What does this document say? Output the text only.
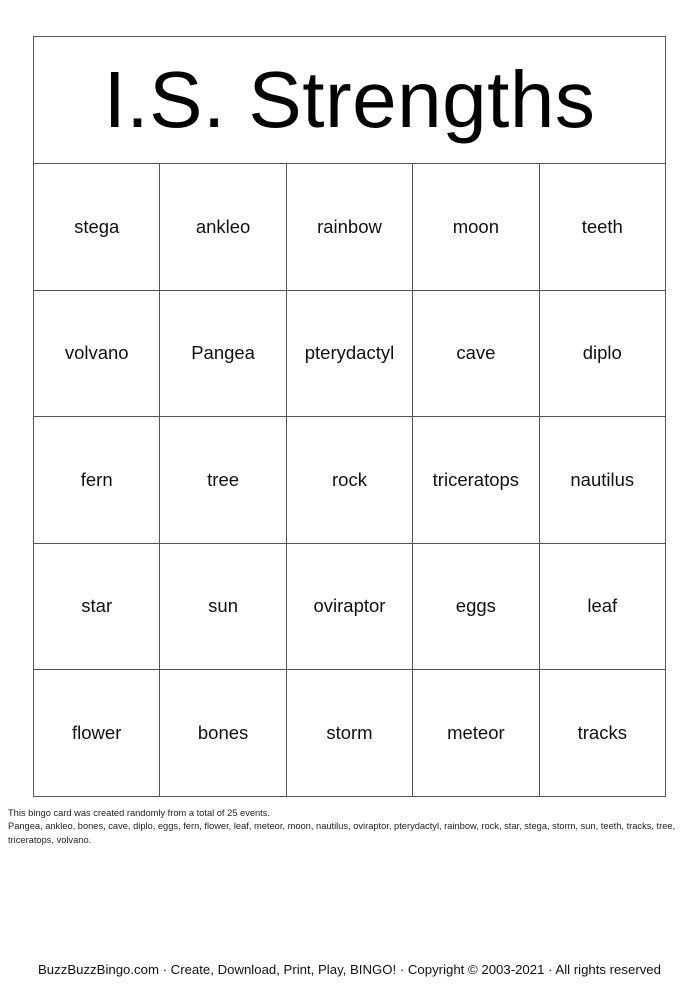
I.S. Strengths				
stega	ankleo	rainbow	moon	teeth
volvano	Pangea	pterydactyl	cave	diplo
fern	tree	rock	triceratops	nautilus
star	sun	oviraptor	eggs	leaf
flower	bones	storm	meteor	tracks

This bingo card was created randomly from a total of 25 events.

Pangea, ankleo, bones, cave, diplo, eggs, fern, flower, leaf, meteor, moon, nautilus, oviraptor, pterydactyl, rainbow, rock, star, stega, storm, sun, teeth, tracks, tree, triceratops, volvano.

BuzzBuzzBingo.com · Create, Download, Print, Play, BINGO! · Copyright © 2003-2021 · All rights reserved
